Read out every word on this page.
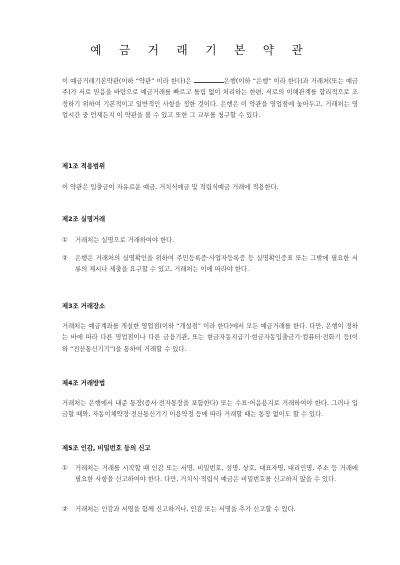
예 금 거 래 기 본 약 관

이 예금거래기본약관(이하 “약관” 이라 한다)은	은행(이하 “은행” 이라 한다)과 거래처(또는 예금주)가 서로 믿음을 바탕으로 예금거래를 빠르고 틀림 없이 처리하는 한편, 서로의 이해관계를 합리적으로 조정하기 위하여 기본적이고 일반적인 사항을 정한 것이다. 은행은 이 약관을 영업점에 놓아두고, 거래처는 영업시간 중 언제든지 이 약관을 볼 수 있고 또한 그 교부를 청구할 수 있다.

제1조 적용범위

이 약관은 입출금이 자유로운 예금, 거치식예금 및 적립식예금 거래에 적용한다.

제2조 실명거래

① 거래처는 실명으로 거래하여야 한다.

② 은행은 거래처의 실명확인을 위하여 주민등록증·사업자등록증 등 실명확인증표 또는 그밖에 필요한 서류의 제시나 제출을 요구할 수 있고, 거래처는 이에 따라야 한다.

제3조 거래장소

거래처는 예금계좌를 개설한 영업점(이하 “개설점” 이라 한다)에서 모든 예금거래를 한다. 다만, 은행이 정하는 바에 따라 다른 영업점이나 다른 금융기관, 또는 현금자동지급기·현금자동입출금기·컴퓨터·전화기 등(이하 “전산통신기기”)을 통하여 거래할 수 있다.

제4조 거래방법

거래처는 은행에서 내준 통장(증서·전자통장을 포함한다) 또는 수표·어음용지로 거래하여야 한다. 그러나 입금할 때와, 자동이체약정·전산통신기기 이용약정 등에 따라 거래할 때는 통장 없이도 할 수 있다.

제5조 인감, 비밀번호 등의 신고

① 거래처는 거래를 시작할 때 인감 또는 서명, 비밀번호, 성명, 상호, 대표자명, 대리인명, 주소 등 거래에 필요한 사항을 신고하여야 한다. 다만, 거치식·적립식 예금은 비밀번호를 신고하지 않을 수 있다.

② 거래처는 인감과 서명을 함께 신고하거나, 인감 또는 서명을 추가 신고할 수 있다.
